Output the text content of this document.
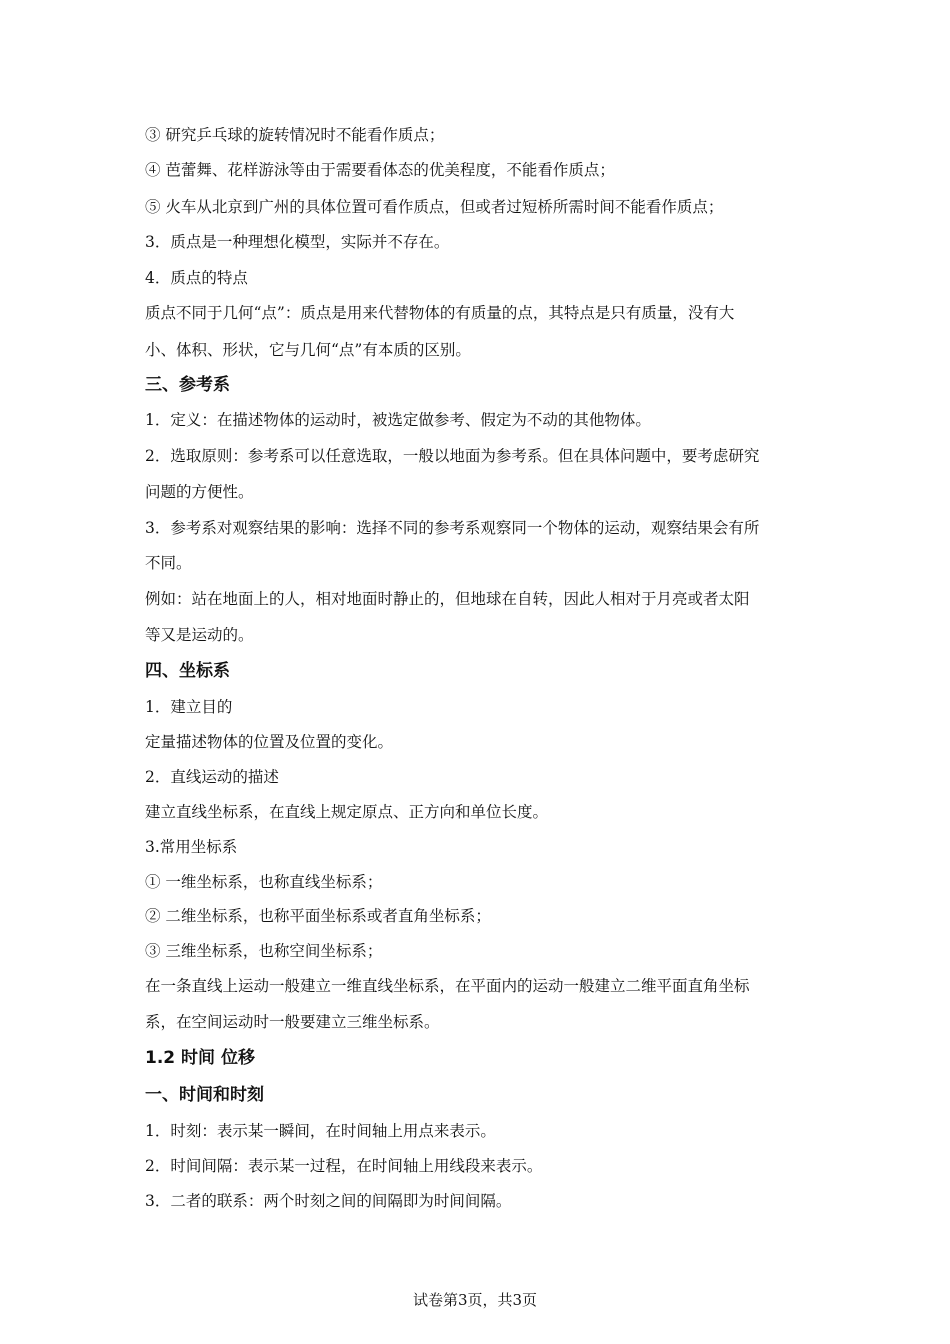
③ 研究乒乓球的旋转情况时不能看作质点；
④ 芭蕾舞、花样游泳等由于需要看体态的优美程度，不能看作质点；
⑤ 火车从北京到广州的具体位置可看作质点，但或者过短桥所需时间不能看作质点；
3．质点是一种理想化模型，实际并不存在。
4．质点的特点
质点不同于几何“点”：质点是用来代替物体的有质量的点，其特点是只有质量，没有大
小、体积、形状，它与几何“点”有本质的区别。
三、参考系
1．定义：在描述物体的运动时，被选定做参考、假定为不动的其他物体。
2．选取原则：参考系可以任意选取，一般以地面为参考系。但在具体问题中，要考虑研究
问题的方便性。
3．参考系对观察结果的影响：选择不同的参考系观察同一个物体的运动，观察结果会有所
不同。
例如：站在地面上的人，相对地面时静止的，但地球在自转，因此人相对于月亮或者太阳
等又是运动的。
四、坐标系
1．建立目的
定量描述物体的位置及位置的变化。
2．直线运动的描述
建立直线坐标系，在直线上规定原点、正方向和单位长度。
3.常用坐标系
① 一维坐标系，也称直线坐标系；
② 二维坐标系，也称平面坐标系或者直角坐标系；
③ 三维坐标系，也称空间坐标系；
在一条直线上运动一般建立一维直线坐标系，在平面内的运动一般建立二维平面直角坐标
系，在空间运动时一般要建立三维坐标系。
1.2 时间 位移
一、时间和时刻
1．时刻：表示某一瞬间，在时间轴上用点来表示。
2．时间间隔：表示某一过程，在时间轴上用线段来表示。
3．二者的联系：两个时刻之间的间隔即为时间间隔。
试卷第3页，共3页
